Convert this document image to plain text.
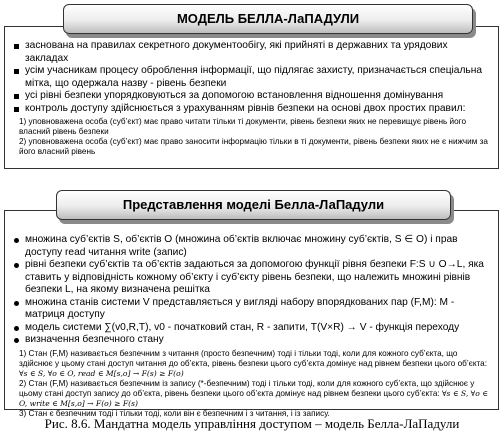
заснована на правилах секретного документообігу, які прийняті в державних та урядових закладах
усім учасникам процесу оброблення інформації, що підлягає захисту, призначається спеціальна мітка, що одержала назву - рівень безпеки
усі рівні безпеки упорядковуються за допомогою встановлення відношення домінування
контроль доступу здійснюється з урахуванням рівнів безпеки на основі двох простих правил:
1) уповноважена особа (суб’єкт) має право читати тільки ті документи, рівень безпеки яких не перевищує рівень його власний рівень безпеки
2) уповноважена особа (суб’єкт) має право заносити інформацію тільки в ті документи, рівень безпеки яких не є нижчим за його власний рівень
МОДЕЛЬ БЕЛЛА-ЛаПАДУЛИ
множина суб’єктів S, об’єктів O (множина об’єктів включає множину суб’єктів, S ∈ O) і прав доступу read читання write (запис)
рівні безпеки суб’єктів та об’єктів задаються за допомогою функції рівня безпеки F:S ∪ O→L, яка ставить у відповідність кожному об’єкту і суб’єкту рівень безпеки, що належить множині рівнів безпеки L, на якому визначена решітка
множина станів системи V представляється у вигляді набору впорядкованих пар (F,M): M - матриця доступу
модель системи ∑(v0,R,T), v0 - початковий стан, R - запити, T(V×R) → V - функція переходу
визначення безпечного стану
1) Стан (F,M) називається безпечним з читання (просто безпечним) тоді і тільки тоді, коли для кожного суб’єкта, що здійснює у цьому стані доступ читання до об’єкта, рівень безпеки цього суб’єкта домінує над рівнем безпеки цього об’єкта: ∀s ∈ S, ∀o ∈ O, read ∈ M[s,o] → F(s) ≥ F(o)
2) Стан (F,M) називається безпечним із запису (*-безпечним) тоді і тільки тоді, коли для кожного суб’єкта, що здійснює у цьому стані доступ запису до об’єкта, рівень безпеки цього об’єкта домінує над рівнем безпеки цього суб’єкта: ∀s ∈ S, ∀o ∈ O, write ∈ M[s,o] → F(o) ≥ F(s)
3) Стан є безпечним тоді і тільки тоді, коли він є безпечним і з читання, і із запису.
Представлення моделі Белла-ЛаПадули
Рис. 8.6. Мандатна модель управління доступом – модель Белла-ЛаПадули
